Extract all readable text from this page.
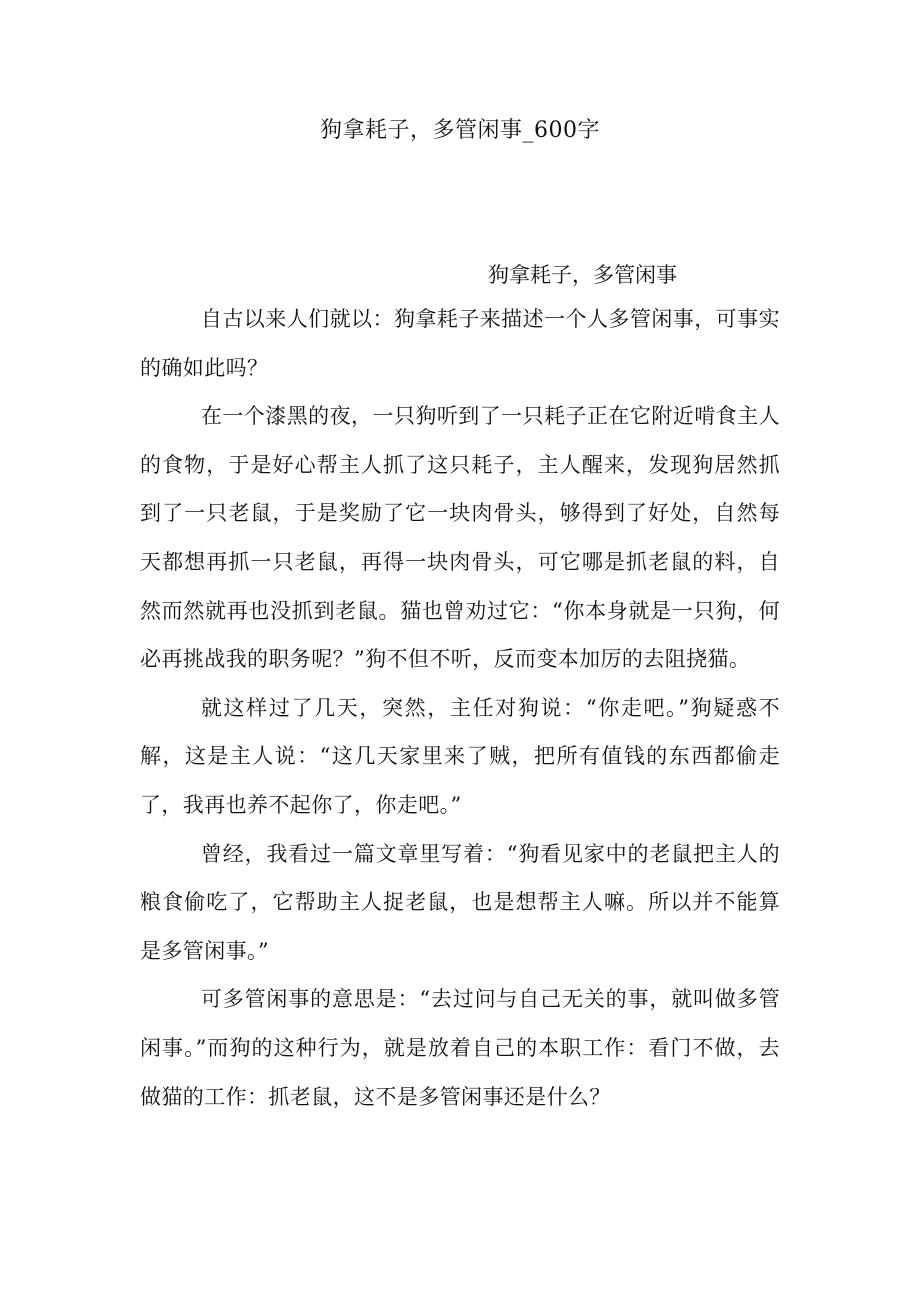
狗拿耗子，多管闲事_600字
狗拿耗子，多管闲事

自古以来人们就以：狗拿耗子来描述一个人多管闲事，可事实的确如此吗？

在一个漆黑的夜，一只狗听到了一只耗子正在它附近啃食主人的食物，于是好心帮主人抓了这只耗子，主人醒来，发现狗居然抓到了一只老鼠，于是奖励了它一块肉骨头，够得到了好处，自然每天都想再抓一只老鼠，再得一块肉骨头，可它哪是抓老鼠的料，自然而然就再也没抓到老鼠。猫也曾劝过它：“你本身就是一只狗，何必再挑战我的职务呢？”狗不但不听，反而变本加厉的去阻挠猫。

就这样过了几天，突然，主任对狗说：“你走吧。”狗疑惑不解，这是主人说：“这几天家里来了贼，把所有值钱的东西都偷走了，我再也养不起你了，你走吧。”

曾经，我看过一篇文章里写着：“狗看见家中的老鼠把主人的粮食偷吃了，它帮助主人捉老鼠，也是想帮主人嘛。所以并不能算是多管闲事。”

可多管闲事的意思是：“去过问与自己无关的事，就叫做多管闲事。”而狗的这种行为，就是放着自己的本职工作：看门不做，去做猫的工作：抓老鼠，这不是多管闲事还是什么？
